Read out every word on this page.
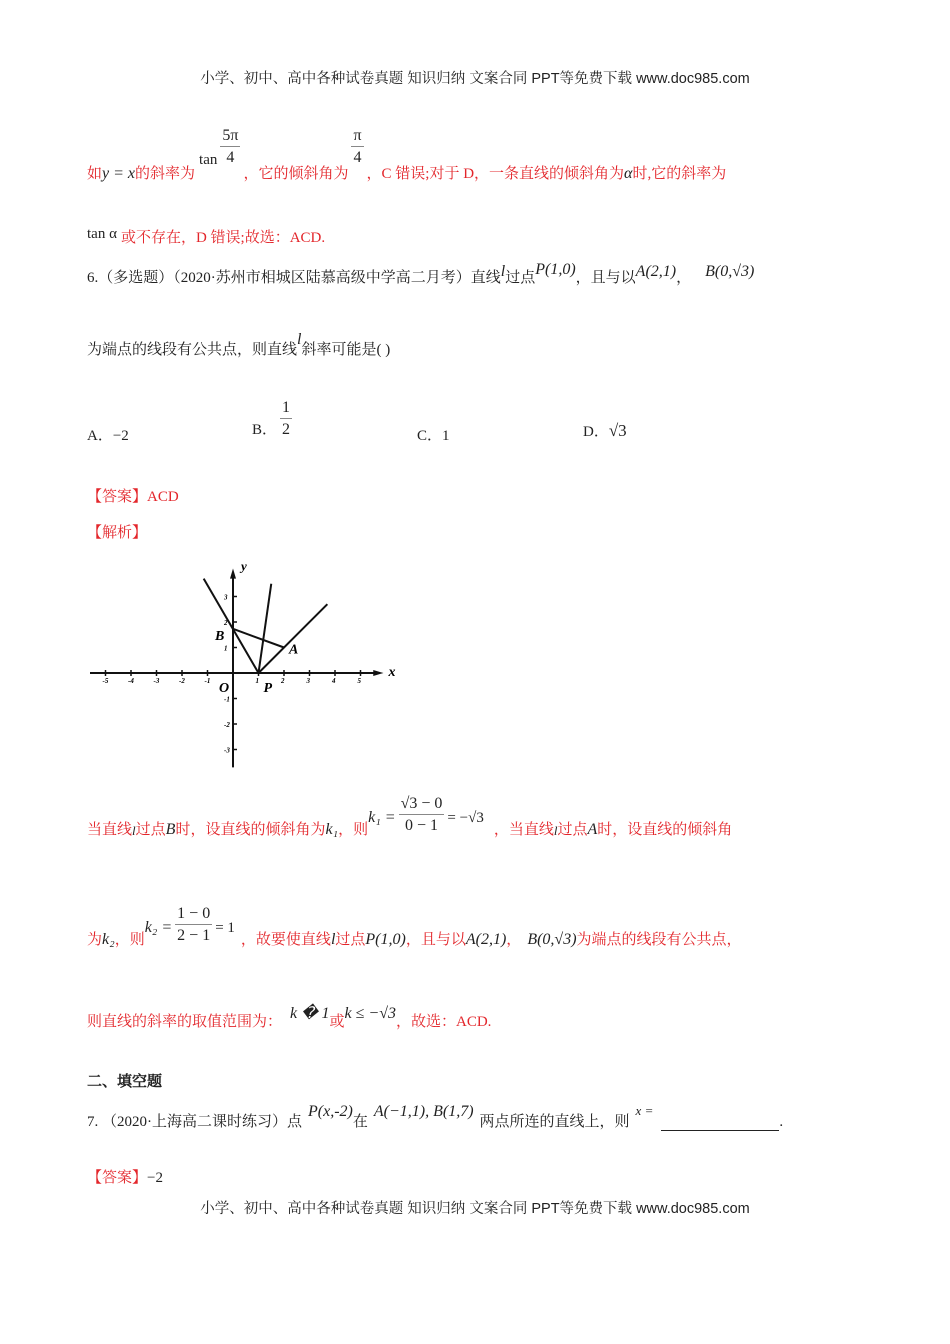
小学、初中、高中各种试卷真题 知识归纳 文案合同 PPT等免费下载 www.doc985.com
如 y = x 的斜率为
$\tan \frac{5\pi}{4}$
，它的倾斜角为
$\frac{\pi}{4}$
，C 错误;对于 D，一条直线的倾斜角为 α 时,它的斜率为
tan α 或不存在，D 错误;故选：ACD.
6.（多选题）（2020·苏州市相城区陆慕高级中学高二月考）直线 l 过点 P(1,0) ，且与以 A(2,1) ， B(0,√3)
为端点的线段有公共点，则直线
l
斜率可能是( )
A． −2	B． $\frac{1}{2}$	C． 1	D． √3
【答案】 ACD
【解析】
-5	-4	-3	-2	-1	1	2	3	4	5
3
2
1
-1
-2
-3
y
x
O P
A
B
当直线 l 过点 B 时，设直线的倾斜角为 k₁ ，则
$k_1 = \frac{√3 - 0}{0 - 1} = -√3$
，当直线 l 过点 A 时，设直线的倾斜角
为 k₂ ，则
$k_2 = \frac{1 - 0}{2 - 1} = 1$
，故要使直线 l 过点 P(1,0) ，且与以 A(2,1) ， B(0,√3) 为端点的线段有公共点，
则直线的斜率的取值范围为： k � 1 或 k ≤ −√3 ，故选：ACD.
二、填空题
7. （2020·上海高二课时练习）点
P(x,-2)
在
A(−1,1), B(1,7)
两点所连的直线上，则
x =
.
【答案】 −2
小学、初中、高中各种试卷真题 知识归纳 文案合同 PPT等免费下载 www.doc985.com
